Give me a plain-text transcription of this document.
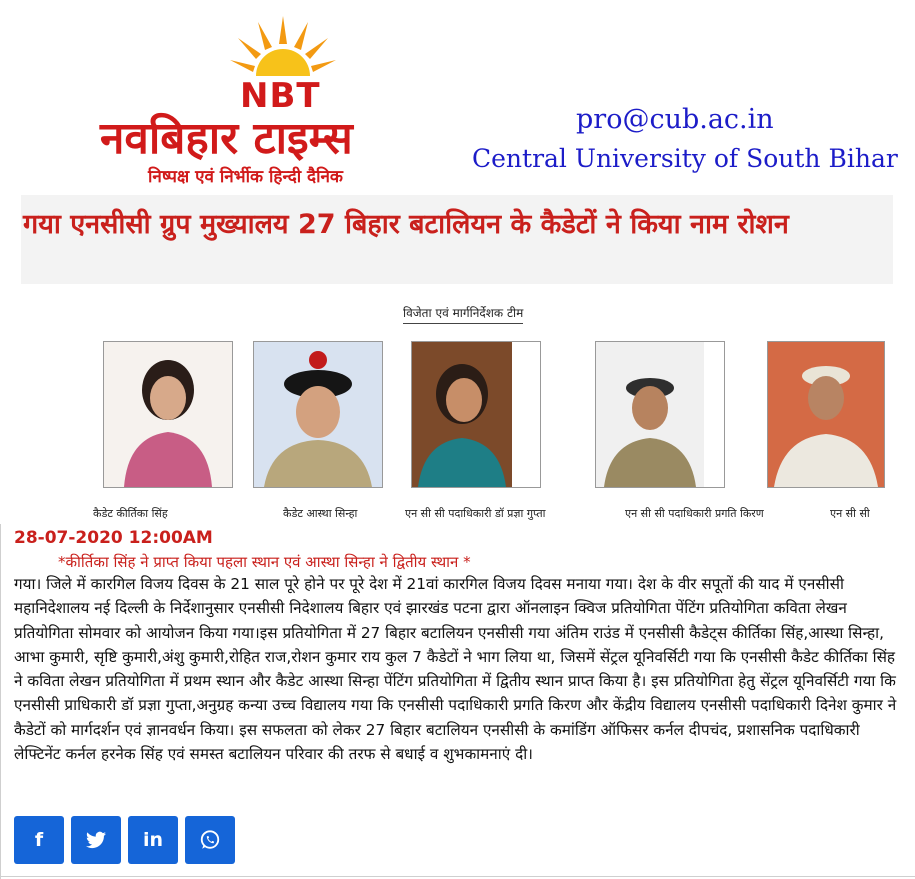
NBT
नवबिहार टाइम्स
निष्पक्ष एवं निर्भीक हिन्दी दैनिक
pro@cub.ac.in
Central University of South Bihar
गया एनसीसी ग्रुप मुख्यालय 27 बिहार बटालियन के कैडेटों ने किया नाम रोशन
विजेता एवं मार्गनिर्देशक टीम
कैडेट कीर्तिका सिंह	कैडेट आस्था सिन्हा	एन सी सी पदाधिकारी डॉ प्रज्ञा गुप्ता	एन सी सी पदाधिकारी प्रगति किरण	एन सी सी
28-07-2020 12:00AM
*कीर्तिका सिंह ने प्राप्त किया पहला स्थान एवं आस्था सिन्हा ने द्वितीय स्थान *
गया। जिले में कारगिल विजय दिवस के 21 साल पूरे होने पर पूरे देश में 21वां कारगिल विजय दिवस मनाया गया। देश के वीर सपूतों की याद में एनसीसी महानिदेशालय नई दिल्ली के निर्देशानुसार एनसीसी निदेशालय बिहार एवं झारखंड पटना द्वारा ऑनलाइन क्विज प्रतियोगिता पेंटिंग प्रतियोगिता कविता लेखन प्रतियोगिता सोमवार को आयोजन किया गया।इस प्रतियोगिता में 27 बिहार बटालियन एनसीसी गया अंतिम राउंड में एनसीसी कैडेट्स कीर्तिका सिंह,आस्था सिन्हा, आभा कुमारी, सृष्टि कुमारी,अंशु कुमारी,रोहित राज,रोशन कुमार राय कुल 7 कैडेटों ने भाग लिया था, जिसमें सेंट्रल यूनिवर्सिटी गया कि एनसीसी कैडेट कीर्तिका सिंह ने कविता लेखन प्रतियोगिता में प्रथम स्थान और कैडेट आस्था सिन्हा पेंटिंग प्रतियोगिता में द्वितीय स्थान प्राप्त किया है। इस प्रतियोगिता हेतु सेंट्रल यूनिवर्सिटी गया कि एनसीसी प्राधिकारी डॉ प्रज्ञा गुप्ता,अनुग्रह कन्या उच्च विद्यालय गया कि एनसीसी पदाधिकारी प्रगति किरण और केंद्रीय विद्यालय एनसीसी पदाधिकारी दिनेश कुमार ने कैडेटों को मार्गदर्शन एवं ज्ञानवर्धन किया। इस सफलता को लेकर 27 बिहार बटालियन एनसीसी के कमांडिंग ऑफिसर कर्नल दीपचंद, प्रशासनिक पदाधिकारी लेफ्टिनेंट कर्नल हरनेक सिंह एवं समस्त बटालियन परिवार की तरफ से बधाई व शुभकामनाएं दी।
f	in
